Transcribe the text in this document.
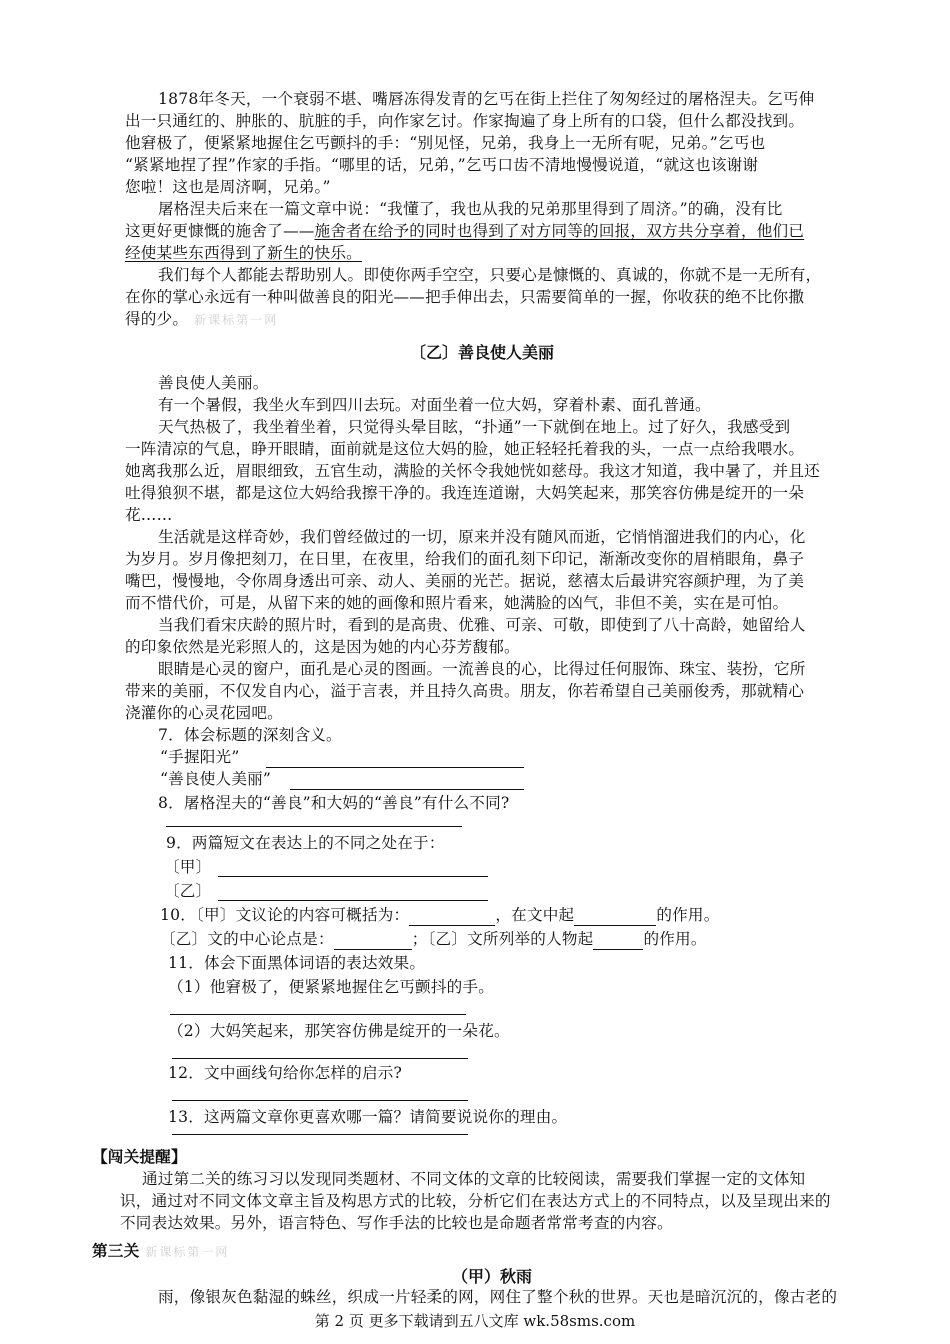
1878年冬天，一个衰弱不堪、嘴唇冻得发青的乞丐在街上拦住了匆匆经过的屠格涅夫。乞丐伸
出一只通红的、肿胀的、肮脏的手，向作家乞讨。作家掏遍了身上所有的口袋，但什么都没找到。
他窘极了，便紧紧地握住乞丐颤抖的手：“别见怪，兄弟，我身上一无所有呢，兄弟。”乞丐也
“紧紧地捏了捏”作家的手指。“哪里的话，兄弟，”乞丐口齿不清地慢慢说道，“就这也该谢谢
您啦！这也是周济啊，兄弟。”
屠格涅夫后来在一篇文章中说：“我懂了，我也从我的兄弟那里得到了周济。”的确，没有比
这更好更慷慨的施舍了——施舍者在给予的同时也得到了对方同等的回报，双方共分享着，他们已
经使某些东西得到了新生的快乐。
我们每个人都能去帮助别人。即使你两手空空，只要心是慷慨的、真诚的，你就不是一无所有，
在你的掌心永远有一种叫做善良的阳光——把手伸出去，只需要简单的一握，你收获的绝不比你撒
得的少。 新课标第一网
〔乙〕善良使人美丽
善良使人美丽。
有一个暑假，我坐火车到四川去玩。对面坐着一位大妈，穿着朴素、面孔普通。
天气热极了，我坐着坐着，只觉得头晕目眩，“扑通”一下就倒在地上。过了好久，我感受到
一阵清凉的气息，睁开眼睛，面前就是这位大妈的脸，她正轻轻托着我的头，一点一点给我喂水。
她离我那么近，眉眼细致，五官生动，满脸的关怀令我她恍如慈母。我这才知道，我中暑了，并且还
吐得狼狈不堪，都是这位大妈给我擦干净的。我连连道谢，大妈笑起来，那笑容仿佛是绽开的一朵
花……
生活就是这样奇妙，我们曾经做过的一切，原来并没有随风而逝，它悄悄溜进我们的内心，化
为岁月。岁月像把刻刀，在日里，在夜里，给我们的面孔刻下印记，渐渐改变你的眉梢眼角，鼻子
嘴巴，慢慢地，令你周身透出可亲、动人、美丽的光芒。据说，慈禧太后最讲究容颜护理，为了美
而不惜代价，可是，从留下来的她的画像和照片看来，她满脸的凶气，非但不美，实在是可怕。
当我们看宋庆龄的照片时，看到的是高贵、优雅、可亲、可敬，即使到了八十高龄，她留给人
的印象依然是光彩照人的，这是因为她的内心芬芳馥郁。
眼睛是心灵的窗户，面孔是心灵的图画。一流善良的心，比得过任何服饰、珠宝、装扮，它所
带来的美丽，不仅发自内心，溢于言表，并且持久高贵。朋友，你若希望自己美丽俊秀，那就精心
浇灌你的心灵花园吧。
7．体会标题的深刻含义。
“手握阳光”
“善良使人美丽”
8．屠格涅夫的“善良”和大妈的“善良”有什么不同?
9．两篇短文在表达上的不同之处在于：
〔甲〕
〔乙〕
10．〔甲〕文议论的内容可概括为：	，在文中起	的作用。
〔乙〕文的中心论点是：	；〔乙〕文所列举的人物起	的作用。
11．体会下面黑体词语的表达效果。
（1）他窘极了，便紧紧地握住乞丐颤抖的手。
（2）大妈笑起来，那笑容仿佛是绽开的一朵花。
12．文中画线句给你怎样的启示?
13．这两篇文章你更喜欢哪一篇？请简要说说你的理由。
【闯关提醒】
通过第二关的练习习以发现同类题材、不同文体的文章的比较阅读，需要我们掌握一定的文体知
识，通过对不同文体文章主旨及构思方式的比较，分析它们在表达方式上的不同特点，以及呈现出来的
不同表达效果。另外，语言特色、写作手法的比较也是命题者常常考查的内容。
第三关 新课标第一网
（甲）秋雨
雨，像银灰色黏湿的蛛丝，织成一片轻柔的网，网住了整个秋的世界。天也是暗沉沉的，像古老的
第 2 页 更多下载请到五八文库 wk.58sms.com
